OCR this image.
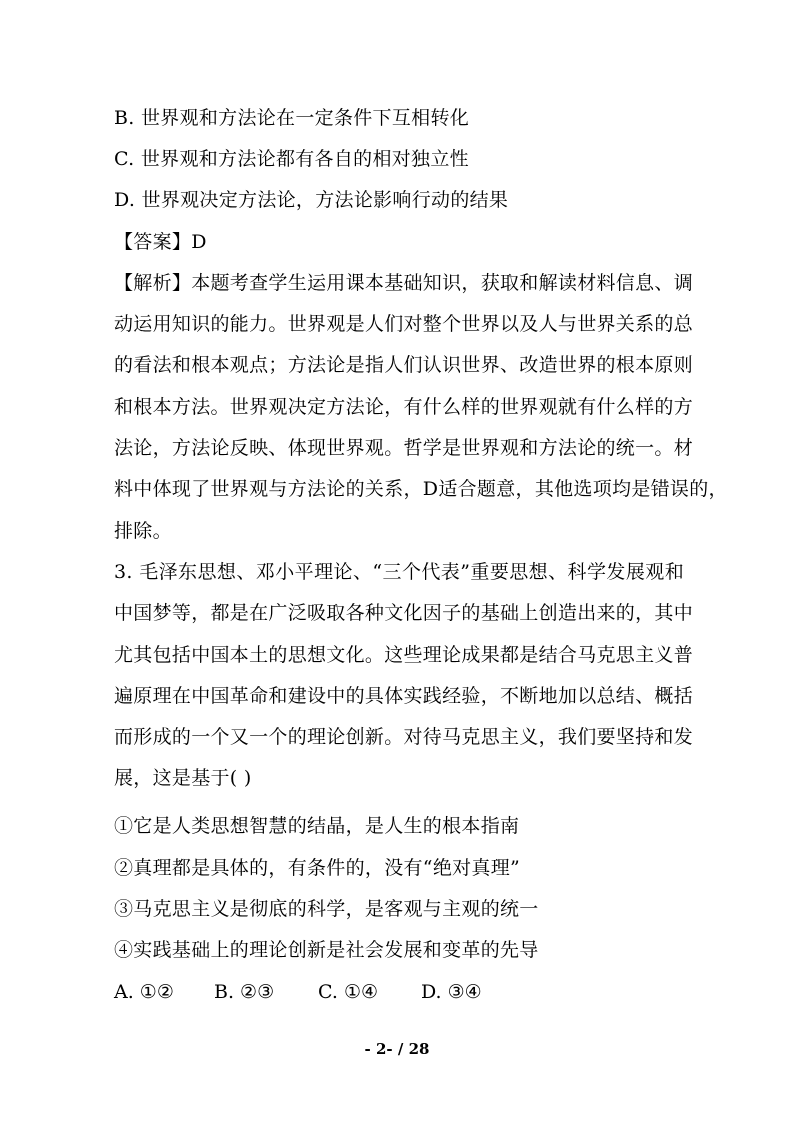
B. 世界观和方法论在一定条件下互相转化
C. 世界观和方法论都有各自的相对独立性
D. 世界观决定方法论，方法论影响行动的结果
【答案】D
【解析】本题考查学生运用课本基础知识，获取和解读材料信息、调
动运用知识的能力。世界观是人们对整个世界以及人与世界关系的总
的看法和根本观点；方法论是指人们认识世界、改造世界的根本原则
和根本方法。世界观决定方法论，有什么样的世界观就有什么样的方
法论，方法论反映、体现世界观。哲学是世界观和方法论的统一。材
料中体现了世界观与方法论的关系，D适合题意，其他选项均是错误的，
排除。
3. 毛泽东思想、邓小平理论、“三个代表”重要思想、科学发展观和
中国梦等，都是在广泛吸取各种文化因子的基础上创造出来的，其中
尤其包括中国本土的思想文化。这些理论成果都是结合马克思主义普
遍原理在中国革命和建设中的具体实践经验，不断地加以总结、概括
而形成的一个又一个的理论创新。对待马克思主义，我们要坚持和发
展，这是基于( )
①它是人类思想智慧的结晶，是人生的根本指南
②真理都是具体的，有条件的，没有“绝对真理”
③马克思主义是彻底的科学，是客观与主观的统一
④实践基础上的理论创新是社会发展和变革的先导
A. ①② B. ②③ C. ①④ D. ③④
- 2- / 28
